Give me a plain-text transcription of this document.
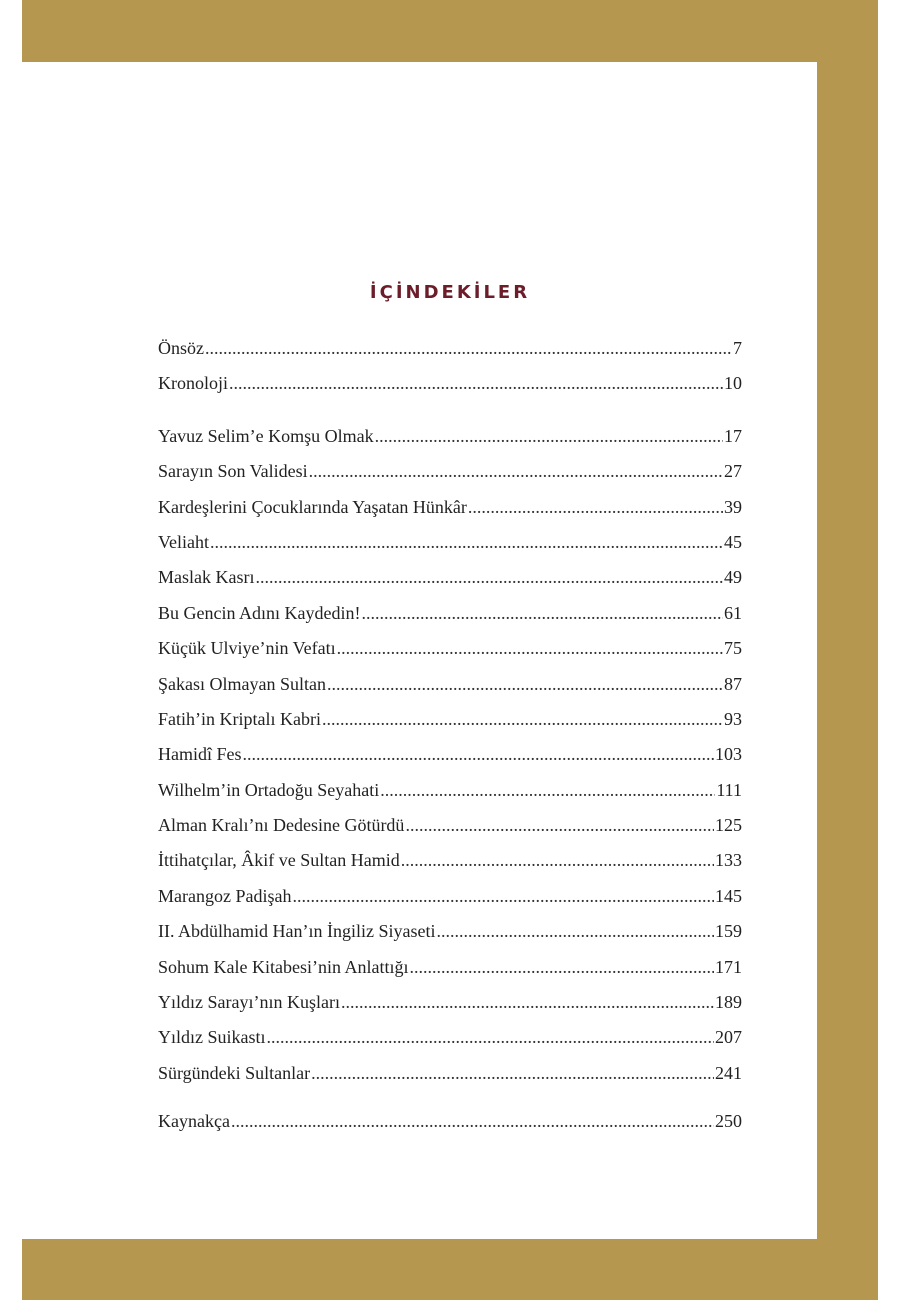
İÇİNDEKİLER
Önsöz .....	7
Kronoloji .....	10
Yavuz Selim’e Komşu Olmak .....	17
Sarayın Son Validesi .....	27
Kardeşlerini Çocuklarında Yaşatan Hünkâr .....	39
Veliaht .....	45
Maslak Kasrı .....	49
Bu Gencin Adını Kaydedin! .....	61
Küçük Ulviye’nin Vefatı .....	75
Şakası Olmayan Sultan .....	87
Fatih’in Kriptalı Kabri .....	93
Hamidî Fes .....	103
Wilhelm’in Ortadoğu Seyahati .....	111
Alman Kralı’nı Dedesine Götürdü .....	125
İttihatçılar, Âkif ve Sultan Hamid .....	133
Marangoz Padişah .....	145
II. Abdülhamid Han’ın İngiliz Siyaseti .....	159
Sohum Kale Kitabesi’nin Anlattığı .....	171
Yıldız Sarayı’nın Kuşları .....	189
Yıldız Suikastı .....	207
Sürgündeki Sultanlar .....	241
Kaynakça .....	250
